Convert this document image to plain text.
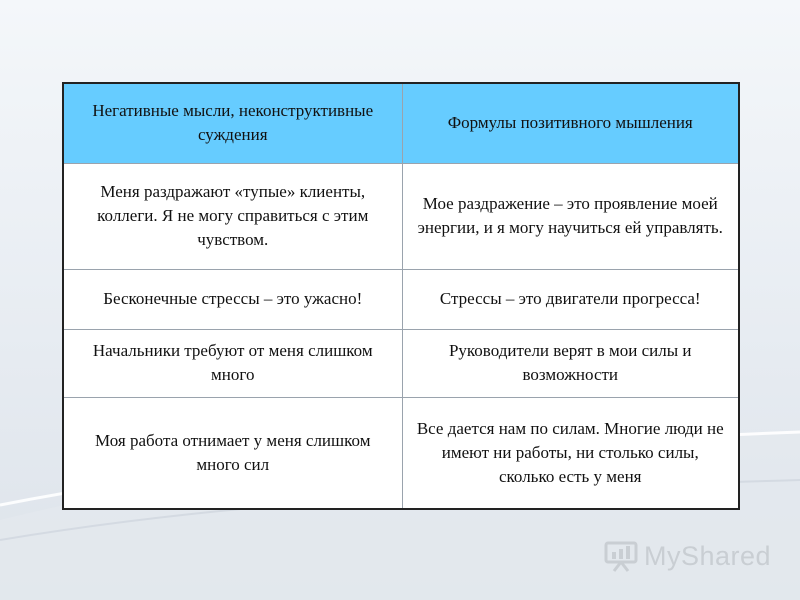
Негативные мысли, неконструктивные суждения	Формулы позитивного мышления
Меня раздражают «тупые» клиенты, коллеги. Я не могу справиться с этим чувством.	Мое раздражение – это проявление моей энергии, и я могу научиться ей управлять.
Бесконечные стрессы – это ужасно!	Стрессы – это двигатели прогресса!
Начальники требуют от меня слишком много	Руководители верят в мои силы и возможности
Моя работа отнимает у меня слишком много сил	Все дается нам по силам. Многие люди не имеют ни работы, ни столько силы, сколько есть у меня
MyShared
